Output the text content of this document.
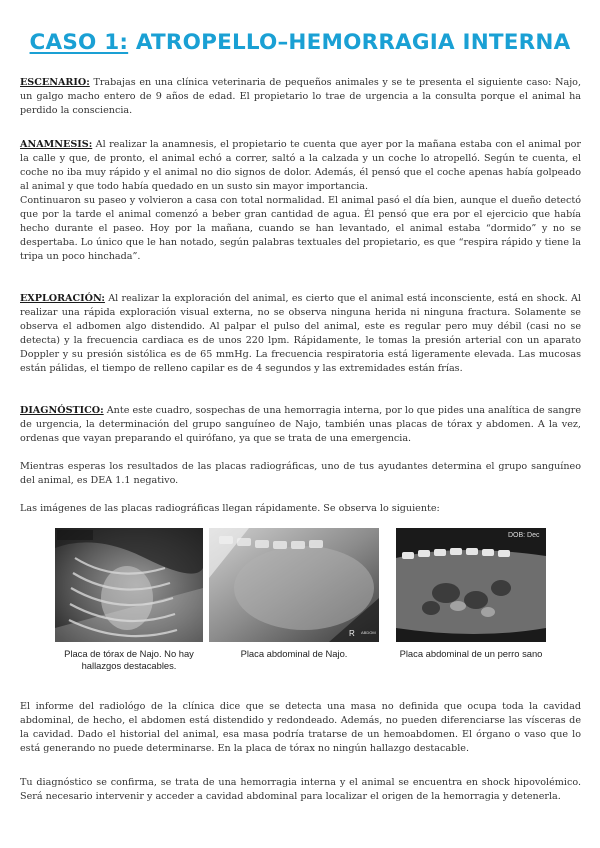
CASO 1: ATROPELLO–HEMORRAGIA INTERNA
ESCENARIO: Trabajas en una clínica veterinaria de pequeños animales y se te presenta el siguiente caso: Najo, un galgo macho entero de 9 años de edad. El propietario lo trae de urgencia a la consulta porque el animal ha perdido la consciencia.

ANAMNESIS: Al realizar la anamnesis, el propietario te cuenta que ayer por la mañana estaba con el animal por la calle y que, de pronto, el animal echó a correr, saltó a la calzada y un coche lo atropelló. Según te cuenta, el coche no iba muy rápido y el animal no dio signos de dolor. Además, él pensó que el coche apenas había golpeado al animal y que todo había quedado en un susto sin mayor importancia.

Continuaron su paseo y volvieron a casa con total normalidad. El animal pasó el día bien, aunque el dueño detectó que por la tarde el animal comenzó a beber gran cantidad de agua. Él pensó que era por el ejercicio que había hecho durante el paseo. Hoy por la mañana, cuando se han levantado, el animal estaba “dormido” y no se despertaba. Lo único que le han notado, según palabras textuales del propietario, es que “respira rápido y tiene la tripa un poco hinchada”.

EXPLORACIÓN: Al realizar la exploración del animal, es cierto que el animal está inconsciente, está en shock. Al realizar una rápida exploración visual externa, no se observa ninguna herida ni ninguna fractura. Solamente se observa el adbomen algo distendido. Al palpar el pulso del animal, este es regular pero muy débil (casi no se detecta) y la frecuencia cardiaca es de unos 220 lpm. Rápidamente, le tomas la presión arterial con un aparato Doppler y su presión sistólica es de 65 mmHg. La frecuencia respiratoria está ligeramente elevada. Las mucosas están pálidas, el tiempo de relleno capilar es de 4 segundos y las extremidades están frías.
DIAGNÓSTICO: Ante este cuadro, sospechas de una hemorragia interna, por lo que pides una analítica de sangre de urgencia, la determinación del grupo sanguíneo de Najo, también unas placas de tórax y abdomen. A la vez, ordenas que vayan preparando el quirófano, ya que se trata de una emergencia.
Mientras esperas los resultados de las placas radiográficas, uno de tus ayudantes determina el grupo sanguíneo del animal, es DEA 1.1 negativo.
Las imágenes de las placas radiográficas llegan rápidamente. Se observa lo siguiente:
Placa de tórax de Najo. No hay hallazgos destacables.
R ABDOM
Placa abdominal de Najo.
DOB: Dec
Placa abdominal de un perro sano
El informe del radiológo de la clínica dice que se detecta una masa no definida que ocupa toda la cavidad abdominal, de hecho, el abdomen está distendido y redondeado. Además, no pueden diferenciarse las vísceras de la cavidad. Dado el historial del animal, esa masa podría tratarse de un hemoabdomen. El órgano o vaso que lo está generando no puede determinarse. En la placa de tórax no ningún hallazgo destacable.
Tu diagnóstico se confirma, se trata de una hemorragia interna y el animal se encuentra en shock hipovolémico. Será necesario intervenir y acceder a cavidad abdominal para localizar el origen de la hemorragia y detenerla.
